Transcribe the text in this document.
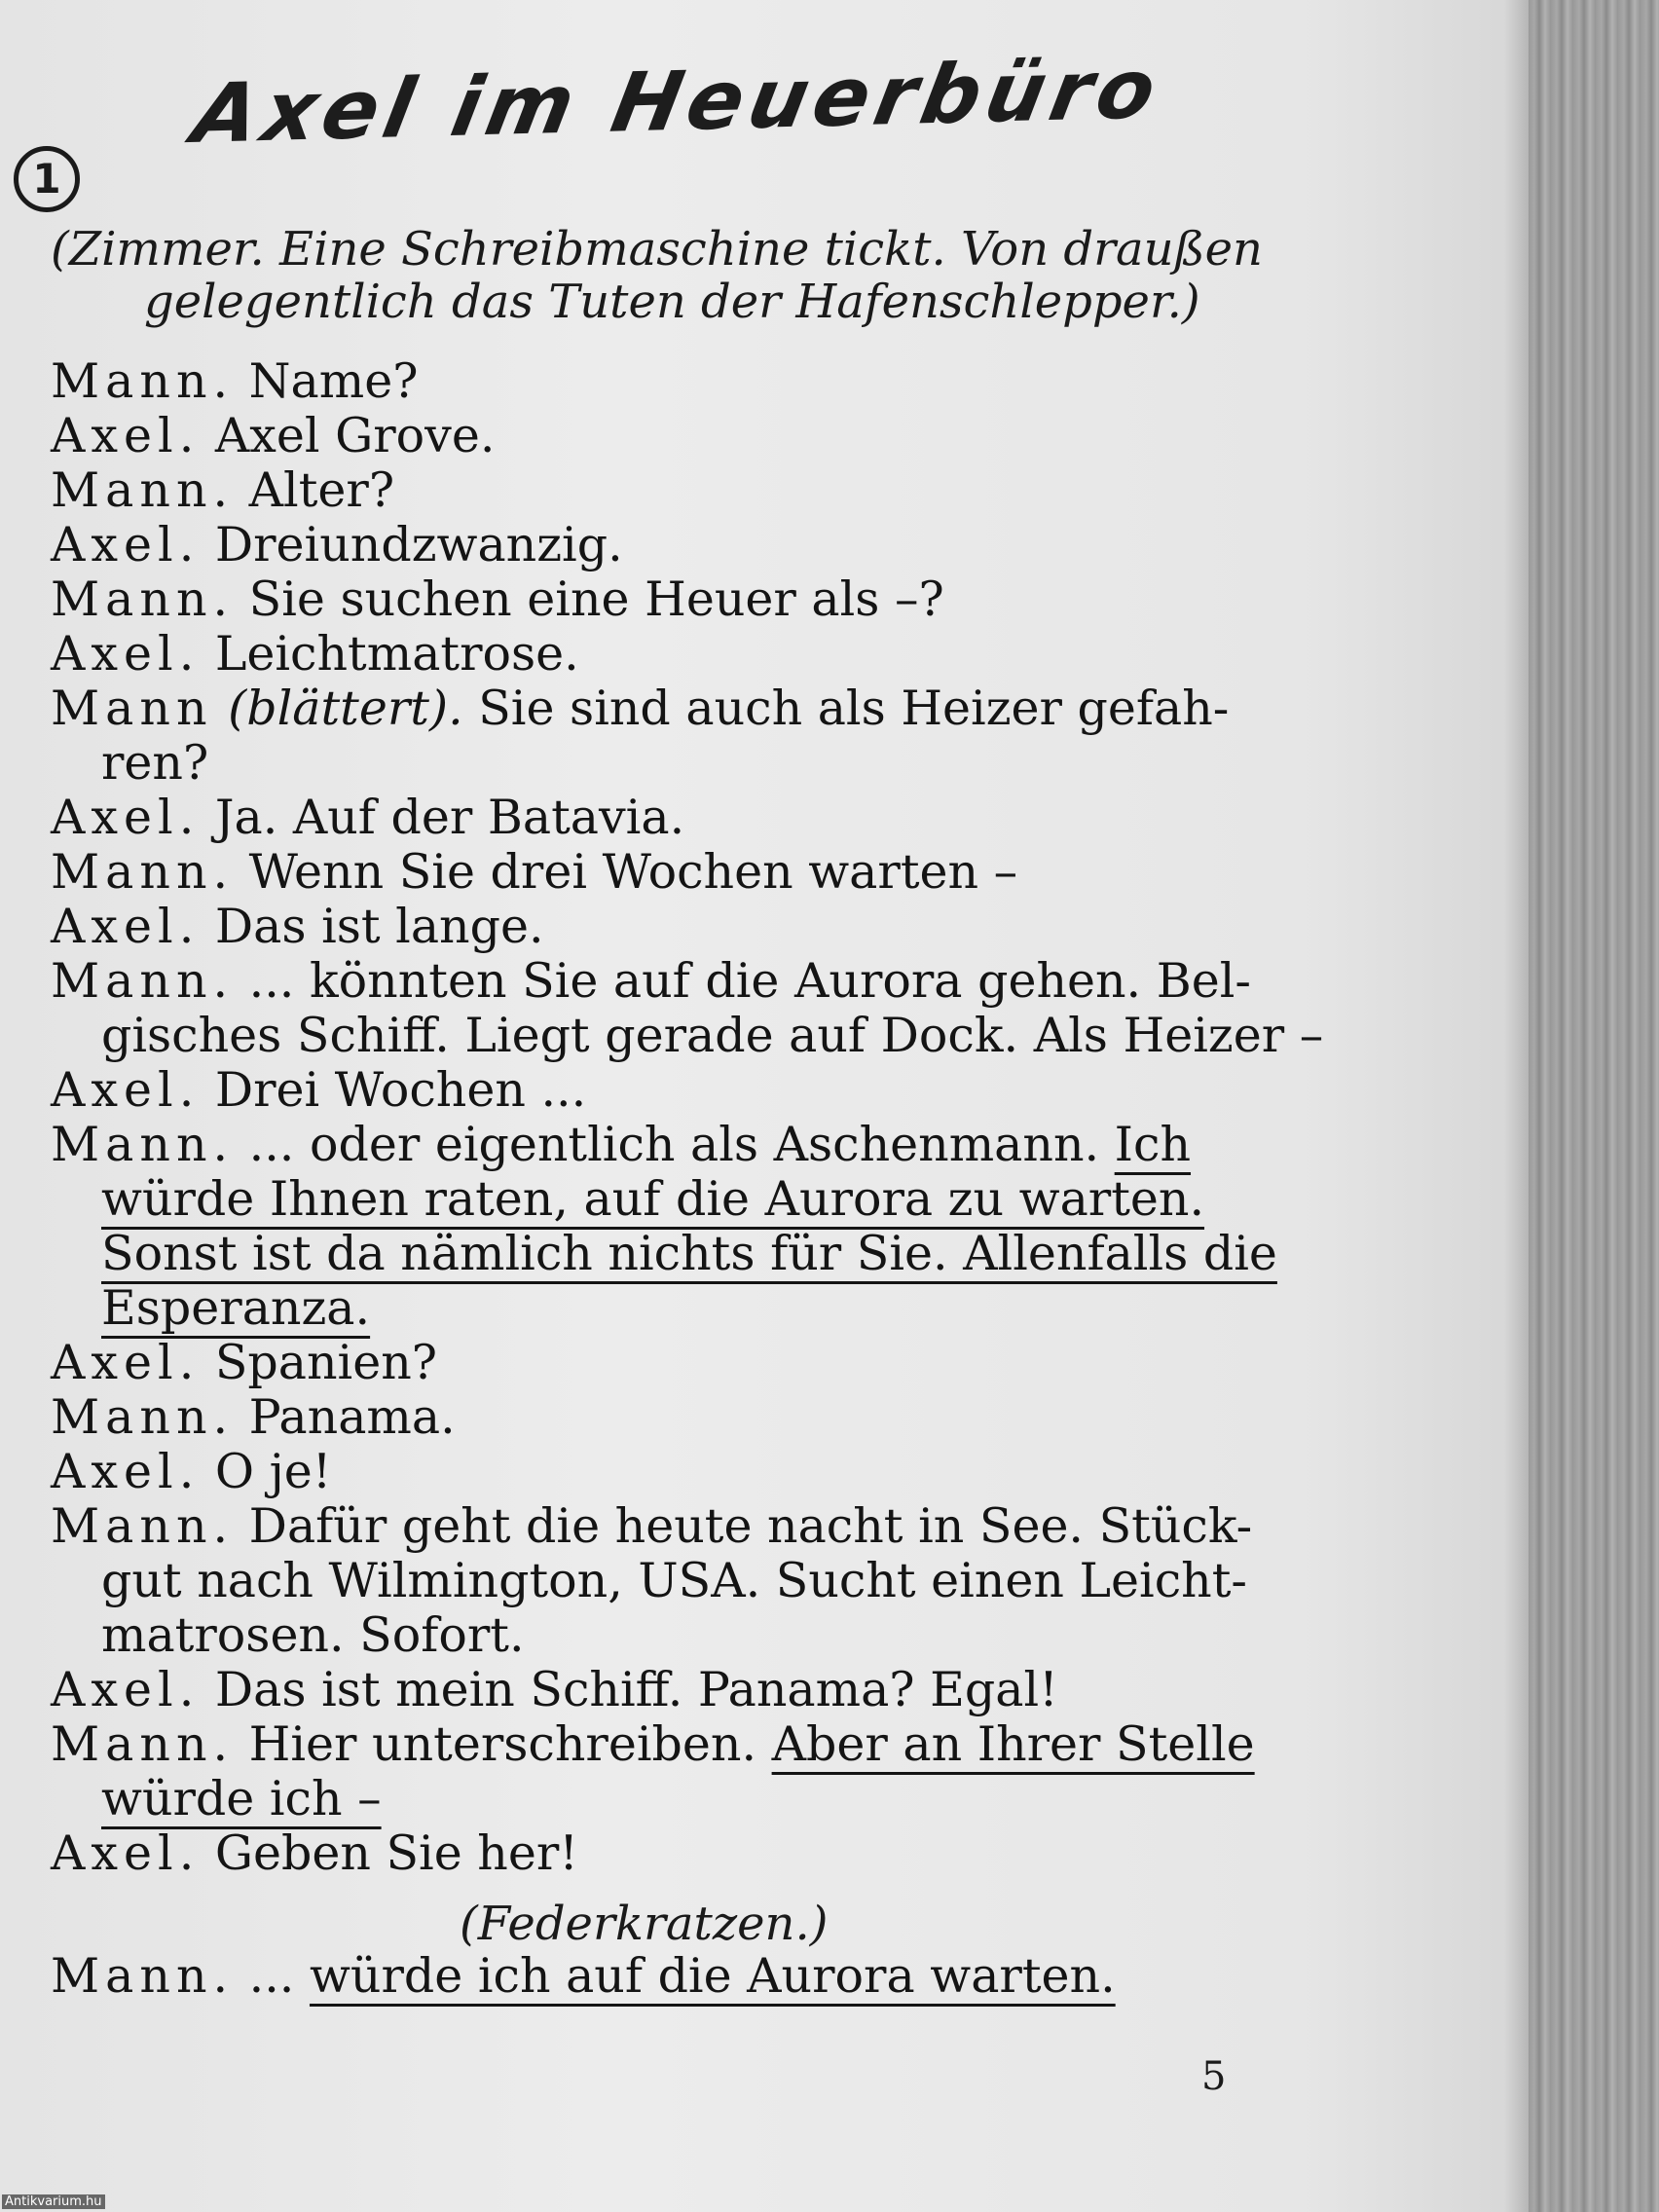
Axel im Heuerbüro
1
(Zimmer. Eine Schreibmaschine tickt. Von draußen
gelegentlich das Tuten der Hafenschlepper.)
Mann. Name?
Axel. Axel Grove.
Mann. Alter?
Axel. Dreiundzwanzig.
Mann. Sie suchen eine Heuer als –?
Axel. Leichtmatrose.
Mann (blättert). Sie sind auch als Heizer gefah-
ren?
Axel. Ja. Auf der Batavia.
Mann. Wenn Sie drei Wochen warten –
Axel. Das ist lange.
Mann. ... könnten Sie auf die Aurora gehen. Bel-
gisches Schiff. Liegt gerade auf Dock. Als Heizer –
Axel. Drei Wochen ...
Mann. ... oder eigentlich als Aschenmann. Ich
würde Ihnen raten, auf die Aurora zu warten.
Sonst ist da nämlich nichts für Sie. Allenfalls die
Esperanza.
Axel. Spanien?
Mann. Panama.
Axel. O je!
Mann. Dafür geht die heute nacht in See. Stück-
gut nach Wilmington, USA. Sucht einen Leicht-
matrosen. Sofort.
Axel. Das ist mein Schiff. Panama? Egal!
Mann. Hier unterschreiben. Aber an Ihrer Stelle
würde ich –
Axel. Geben Sie her!
(Federkratzen.)
Mann. ... würde ich auf die Aurora warten.
5
Antikvarium.hu
